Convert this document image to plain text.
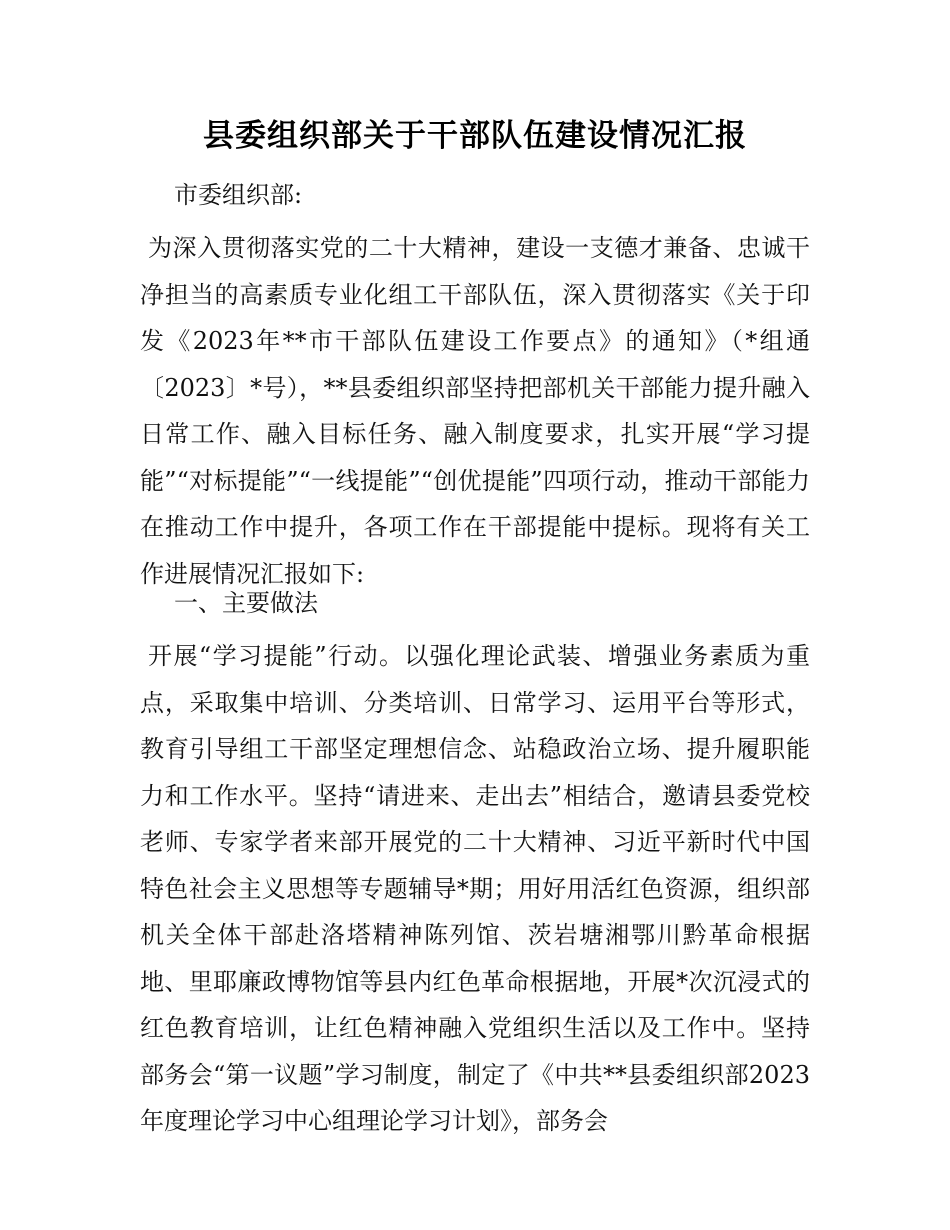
县委组织部关于干部队伍建设情况汇报

市委组织部:

为深入贯彻落实党的二十大精神，建设一支德才兼备、忠诚干净担当的高素质专业化组工干部队伍，深入贯彻落实《关于印发《2023年**市干部队伍建设工作要点》的通知》（*组通〔2023〕*号），**县委组织部坚持把部机关干部能力提升融入日常工作、融入目标任务、融入制度要求，扎实开展“学习提能”“对标提能”“一线提能”“创优提能”四项行动，推动干部能力在推动工作中提升，各项工作在干部提能中提标。现将有关工作进展情况汇报如下:

一、主要做法

开展“学习提能”行动。以强化理论武装、增强业务素质为重点，采取集中培训、分类培训、日常学习、运用平台等形式，教育引导组工干部坚定理想信念、站稳政治立场、提升履职能力和工作水平。坚持“请进来、走出去”相结合，邀请县委党校老师、专家学者来部开展党的二十大精神、习近平新时代中国特色社会主义思想等专题辅导*期；用好用活红色资源，组织部机关全体干部赴洛塔精神陈列馆、茨岩塘湘鄂川黔革命根据地、里耶廉政博物馆等县内红色革命根据地，开展*次沉浸式的红色教育培训，让红色精神融入党组织生活以及工作中。坚持部务会“第一议题”学习制度，制定了《中共**县委组织部2023年度理论学习中心组理论学习计划》，部务会
